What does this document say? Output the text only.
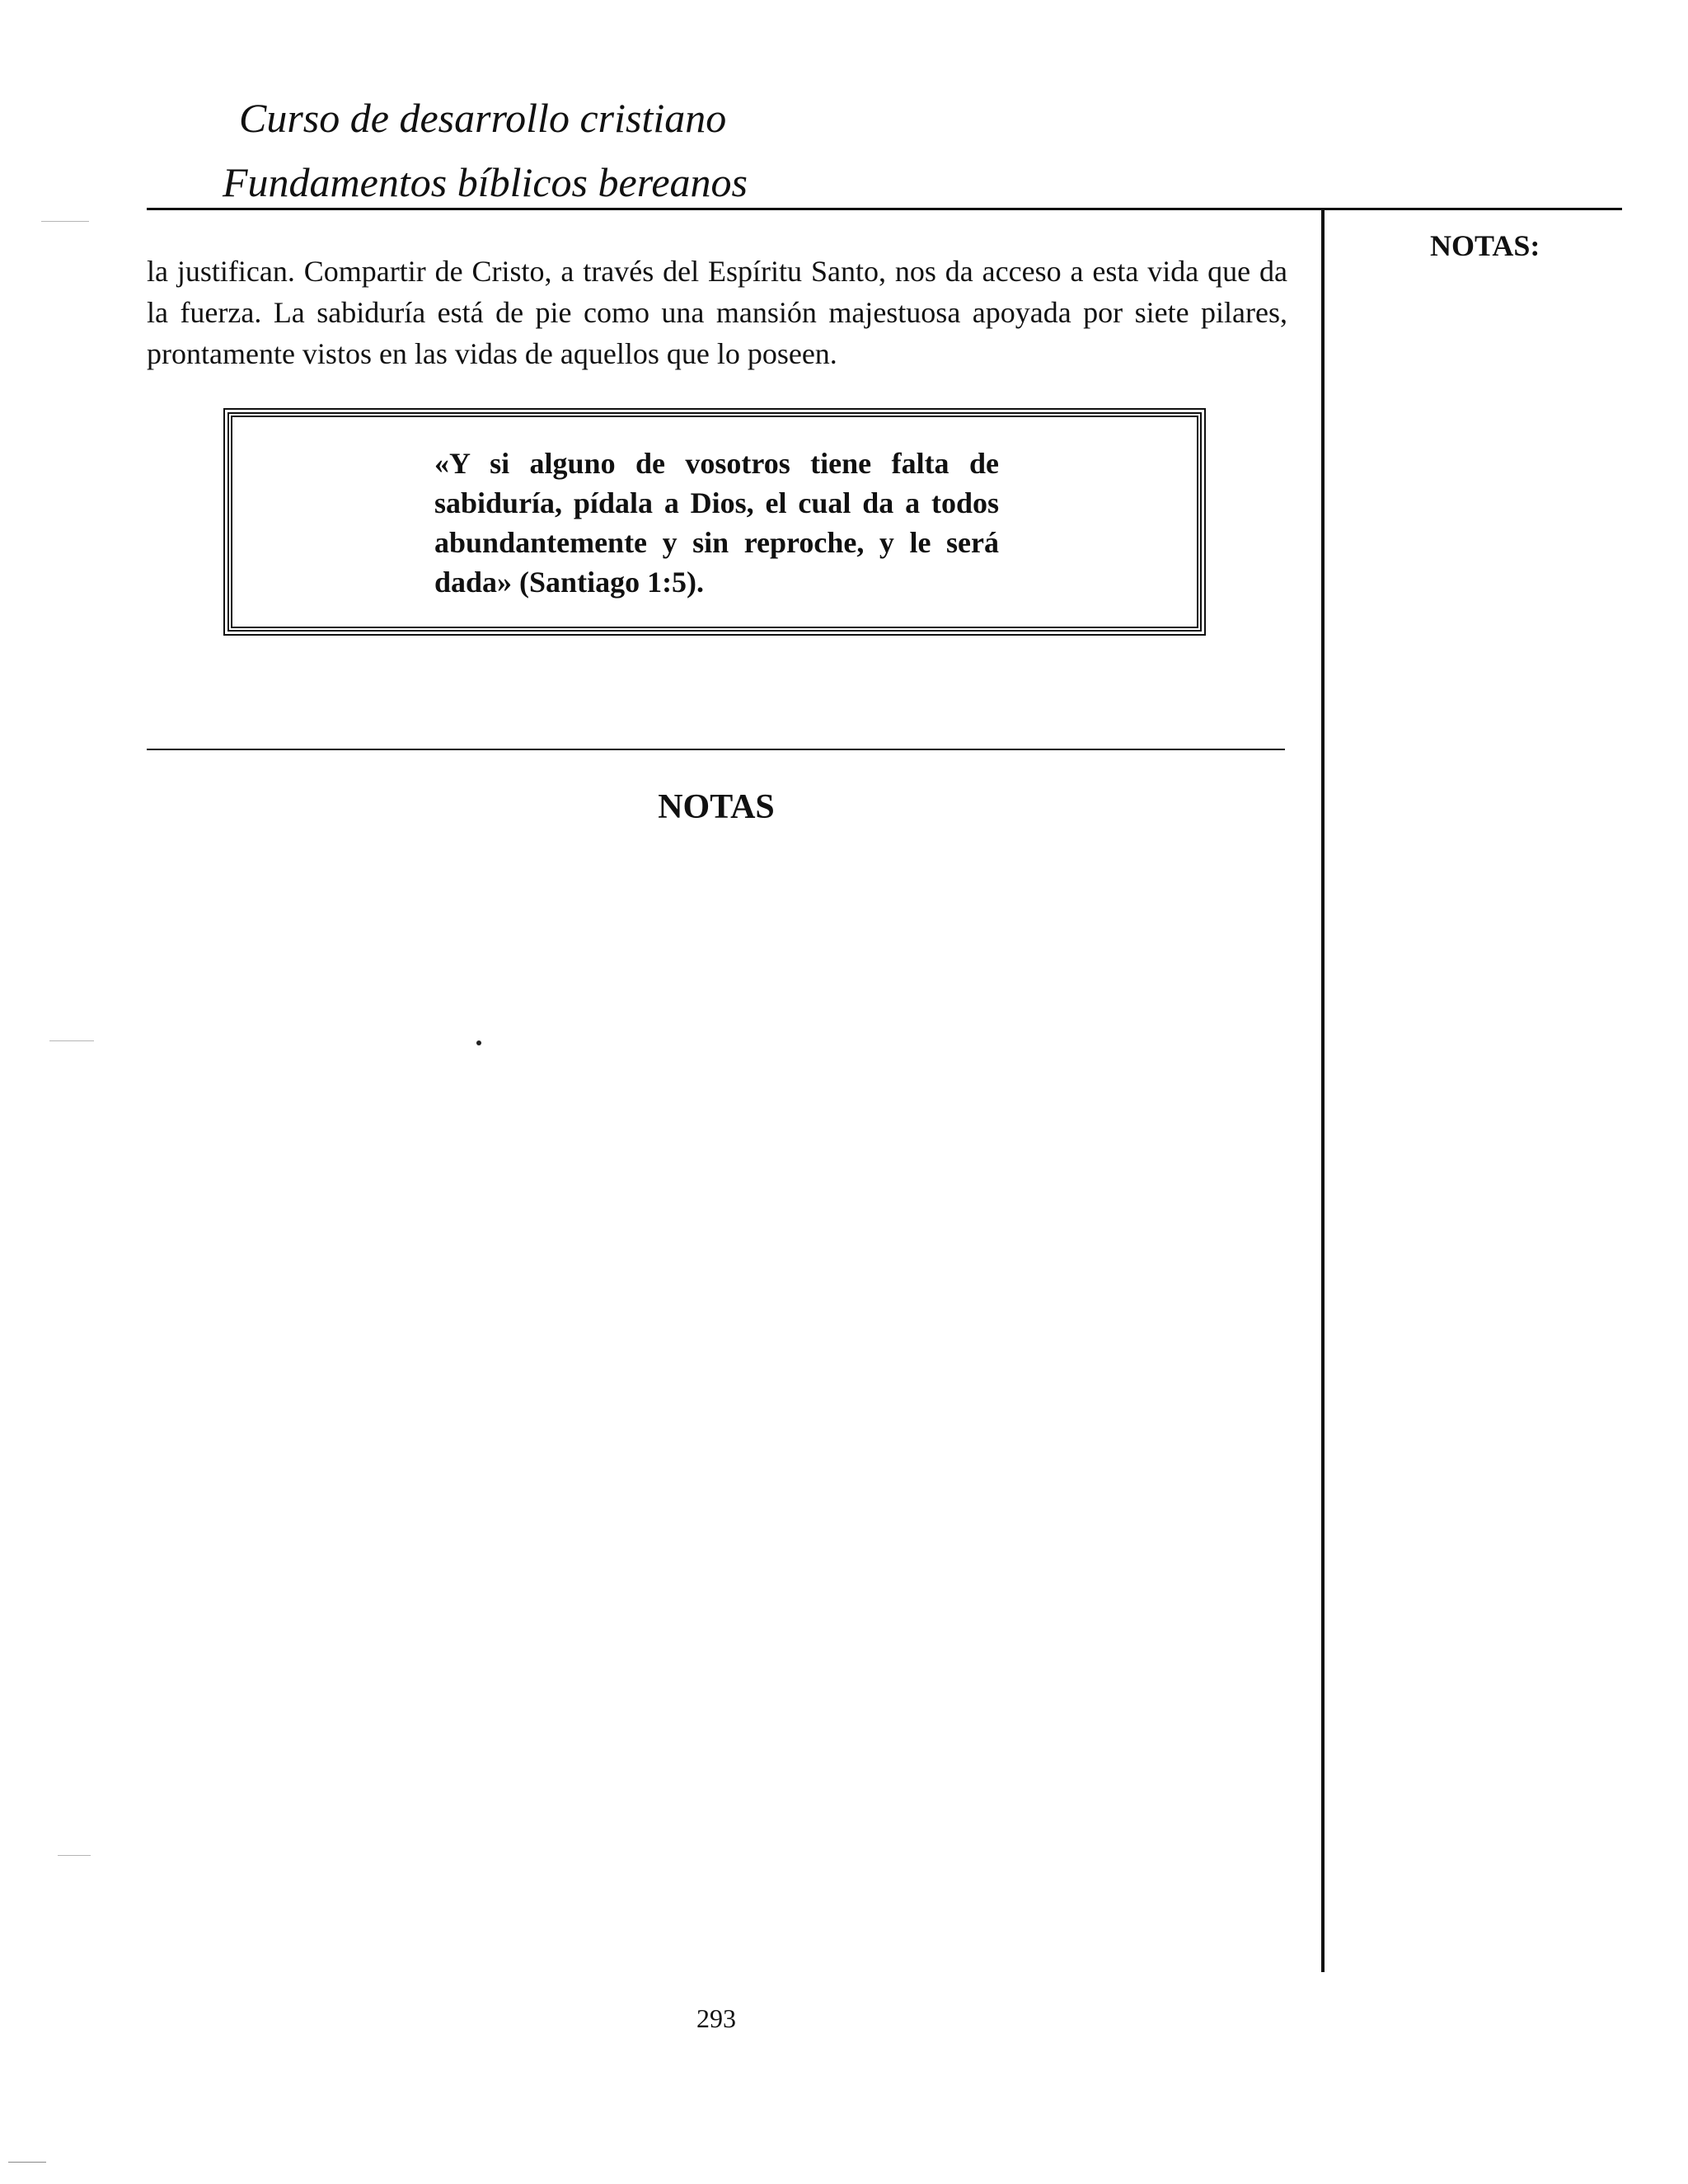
Curso de desarrollo cristiano
Fundamentos bíblicos bereanos

NOTAS:

la justifican. Compartir de Cristo, a través del Espíritu Santo, nos da acceso a esta vida que da la fuerza. La sabiduría está de pie como una mansión majestuosa apoyada por siete pilares, prontamente vistos en las vidas de aquellos que lo poseen.

«Y si alguno de vosotros tiene falta de sabiduría, pídala a Dios, el cual da a todos abundantemente y sin reproche, y le será dada» (Santiago 1:5).

NOTAS
293
